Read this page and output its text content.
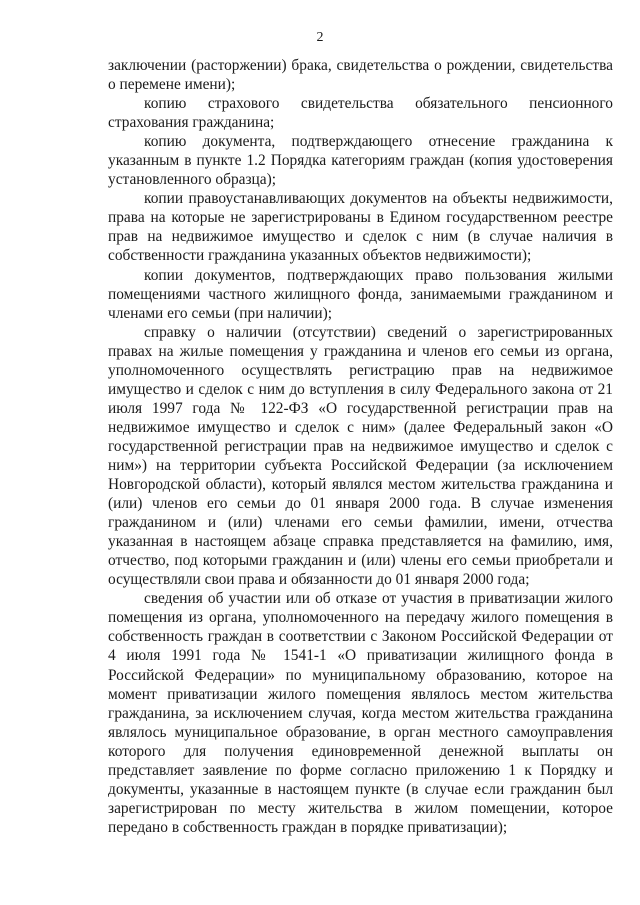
2

заключении (расторжении) брака, свидетельства о рождении, свидетельства о перемене имени);

копию страхового свидетельства обязательного пенсионного страхования гражданина;

копию документа, подтверждающего отнесение гражданина к указанным в пункте 1.2 Порядка категориям граждан (копия удостоверения установленного образца);

копии правоустанавливающих документов на объекты недвижимости, права на которые не зарегистрированы в Едином государственном реестре прав на недвижимое имущество и сделок с ним (в случае наличия в собственности гражданина указанных объектов недвижимости);

копии документов, подтверждающих право пользования жилыми помещениями частного жилищного фонда, занимаемыми гражданином и членами его семьи (при наличии);

справку о наличии (отсутствии) сведений о зарегистрированных правах на жилые помещения у гражданина и членов его семьи из органа, уполномоченного осуществлять регистрацию прав на недвижимое имущество и сделок с ним до вступления в силу Федерального закона от 21 июля 1997 года № 122-ФЗ «О государственной регистрации прав на недвижимое имущество и сделок с ним» (далее Федеральный закон «О государственной регистрации прав на недвижимое имущество и сделок с ним») на территории субъекта Российской Федерации (за исключением Новгородской области), который являлся местом жительства гражданина и (или) членов его семьи до 01 января 2000 года. В случае изменения гражданином и (или) членами его семьи фамилии, имени, отчества указанная в настоящем абзаце справка представляется на фамилию, имя, отчество, под которыми гражданин и (или) члены его семьи приобретали и осуществляли свои права и обязанности до 01 января 2000 года;

сведения об участии или об отказе от участия в приватизации жилого помещения из органа, уполномоченного на передачу жилого помещения в собственность граждан в соответствии с Законом Российской Федерации от 4 июля 1991 года № 1541-1 «О приватизации жилищного фонда в Российской Федерации» по муниципальному образованию, которое на момент приватизации жилого помещения являлось местом жительства гражданина, за исключением случая, когда местом жительства гражданина являлось муниципальное образование, в орган местного самоуправления которого для получения единовременной денежной выплаты он представляет заявление по форме согласно приложению 1 к Порядку и документы, указанные в настоящем пункте (в случае если гражданин был зарегистрирован по месту жительства в жилом помещении, которое передано в собственность граждан в порядке приватизации);
